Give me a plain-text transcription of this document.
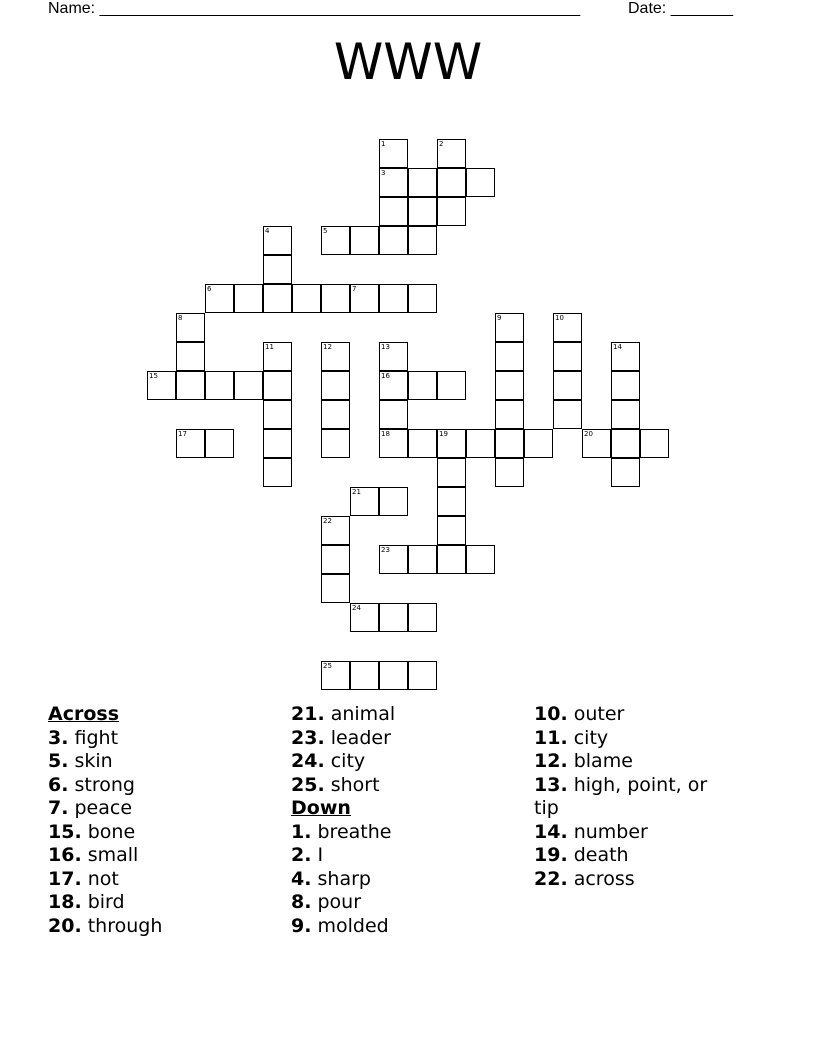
Name: ______________________________________________________	Date: _______
WWW
1	2
3
4	5
6	7
8	9	10
11	12	13	14
15	16
17	18	19	20
21
22
23
24
25
Across
3. fight
5. skin
6. strong
7. peace
15. bone
16. small
17. not
18. bird
20. through
21. animal
23. leader
24. city
25. short
Down
1. breathe
2. I
4. sharp
8. pour
9. molded
10. outer
11. city
12. blame
13. high, point, or tip
14. number
19. death
22. across
